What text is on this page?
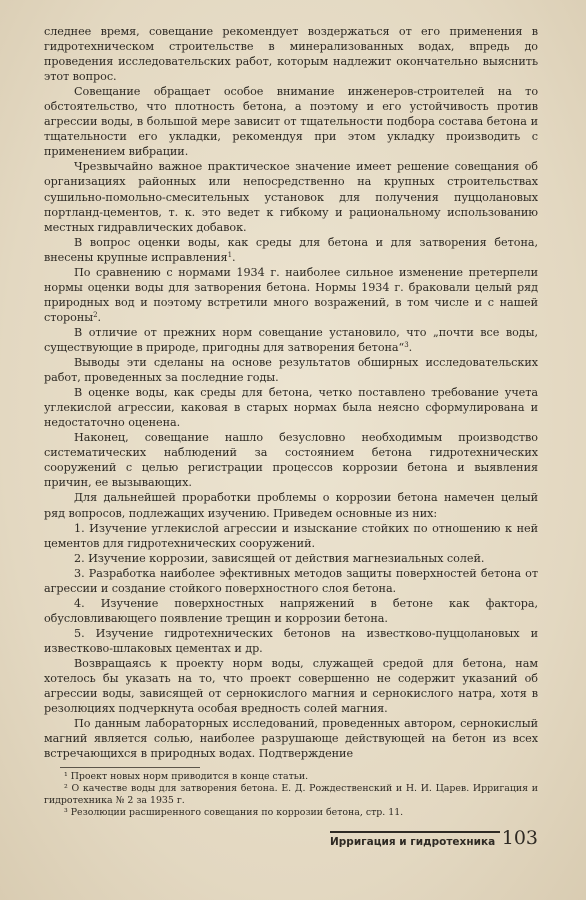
следнее время, совещание рекомендует воздержаться от его применения в гидротехническом строительстве в минерализованных водах, впредь до проведения исследовательских работ, которым надлежит окончательно выяснить этот вопрос.

Совещание обращает особое внимание инженеров-строителей на то обстоятельство, что плотность бетона, а поэтому и его устойчивость против агрессии воды, в большой мере зависит от тщательности подбора состава бетона и тщательности его укладки, рекомендуя при этом укладку производить с применением вибрации.

Чрезвычайно важное практическое значение имеет решение совещания об организациях районных или непосредственно на крупных строительствах сушильно-помольно-смесительных установок для получения пуццолановых портланд-цементов, т. к. это ведет к гибкому и рациональному использованию местных гидравлических добавок.

В вопрос оценки воды, как среды для бетона и для затворения бетона, внесены крупные исправления$^1$.

По сравнению с нормами 1934 г. наиболее сильное изменение претерпели нормы оценки воды для затворения бетона. Нормы 1934 г. браковали целый ряд природных вод и поэтому встретили много возражений, в том числе и с нашей стороны$^2$.

В отличие от прежних норм совещание установило, что „почти все воды, существующие в природе, пригодны для затворения бетона“$^3$.

Выводы эти сделаны на основе результатов обширных исследовательских работ, проведенных за последние годы.

В оценке воды, как среды для бетона, четко поставлено требование учета углекислой агрессии, каковая в старых нормах была неясно сформулирована и недостаточно оценена.

Наконец, совещание нашло безусловно необходимым производство систематических наблюдений за состоянием бетона гидротехнических сооружений с целью регистрации процессов коррозии бетона и выявления причин, ее вызывающих.

Для дальнейшей проработки проблемы о коррозии бетона намечен целый ряд вопросов, подлежащих изучению. Приведем основные из них:

1. Изучение углекислой агрессии и изыскание стойких по отношению к ней цементов для гидротехнических сооружений.

2. Изучение коррозии, зависящей от действия магнезиальных солей.

3. Разработка наиболее эфективных методов защиты поверхностей бетона от агрессии и создание стойкого поверхностного слоя бетона.

4. Изучение поверхностных напряжений в бетоне как фактора, обусловливающего появление трещин и коррозии бетона.

5. Изучение гидротехнических бетонов на известково-пуццолановых и известково-шлаковых цементах и др.

Возвращаясь к проекту норм воды, служащей средой для бетона, нам хотелось бы указать на то, что проект совершенно не содержит указаний об агрессии воды, зависящей от сернокислого магния и сернокислого натра, хотя в резолюциях подчеркнута особая вредность солей магния.

По данным лабораторных исследований, проведенных автором, сернокислый магний является солью, наиболее разрушающе действующей на бетон из всех встречающихся в природных водах. Подтверждение

¹ Проект новых норм приводится в конце статьи.

² О качестве воды для затворения бетона. Е. Д. Рождественский и Н. И. Царев. Ирригация и гидротехника № 2 за 1935 г.

³ Резолюции расширенного совещания по коррозии бетона, стр. 11.

Ирригация и гидротехника 103
